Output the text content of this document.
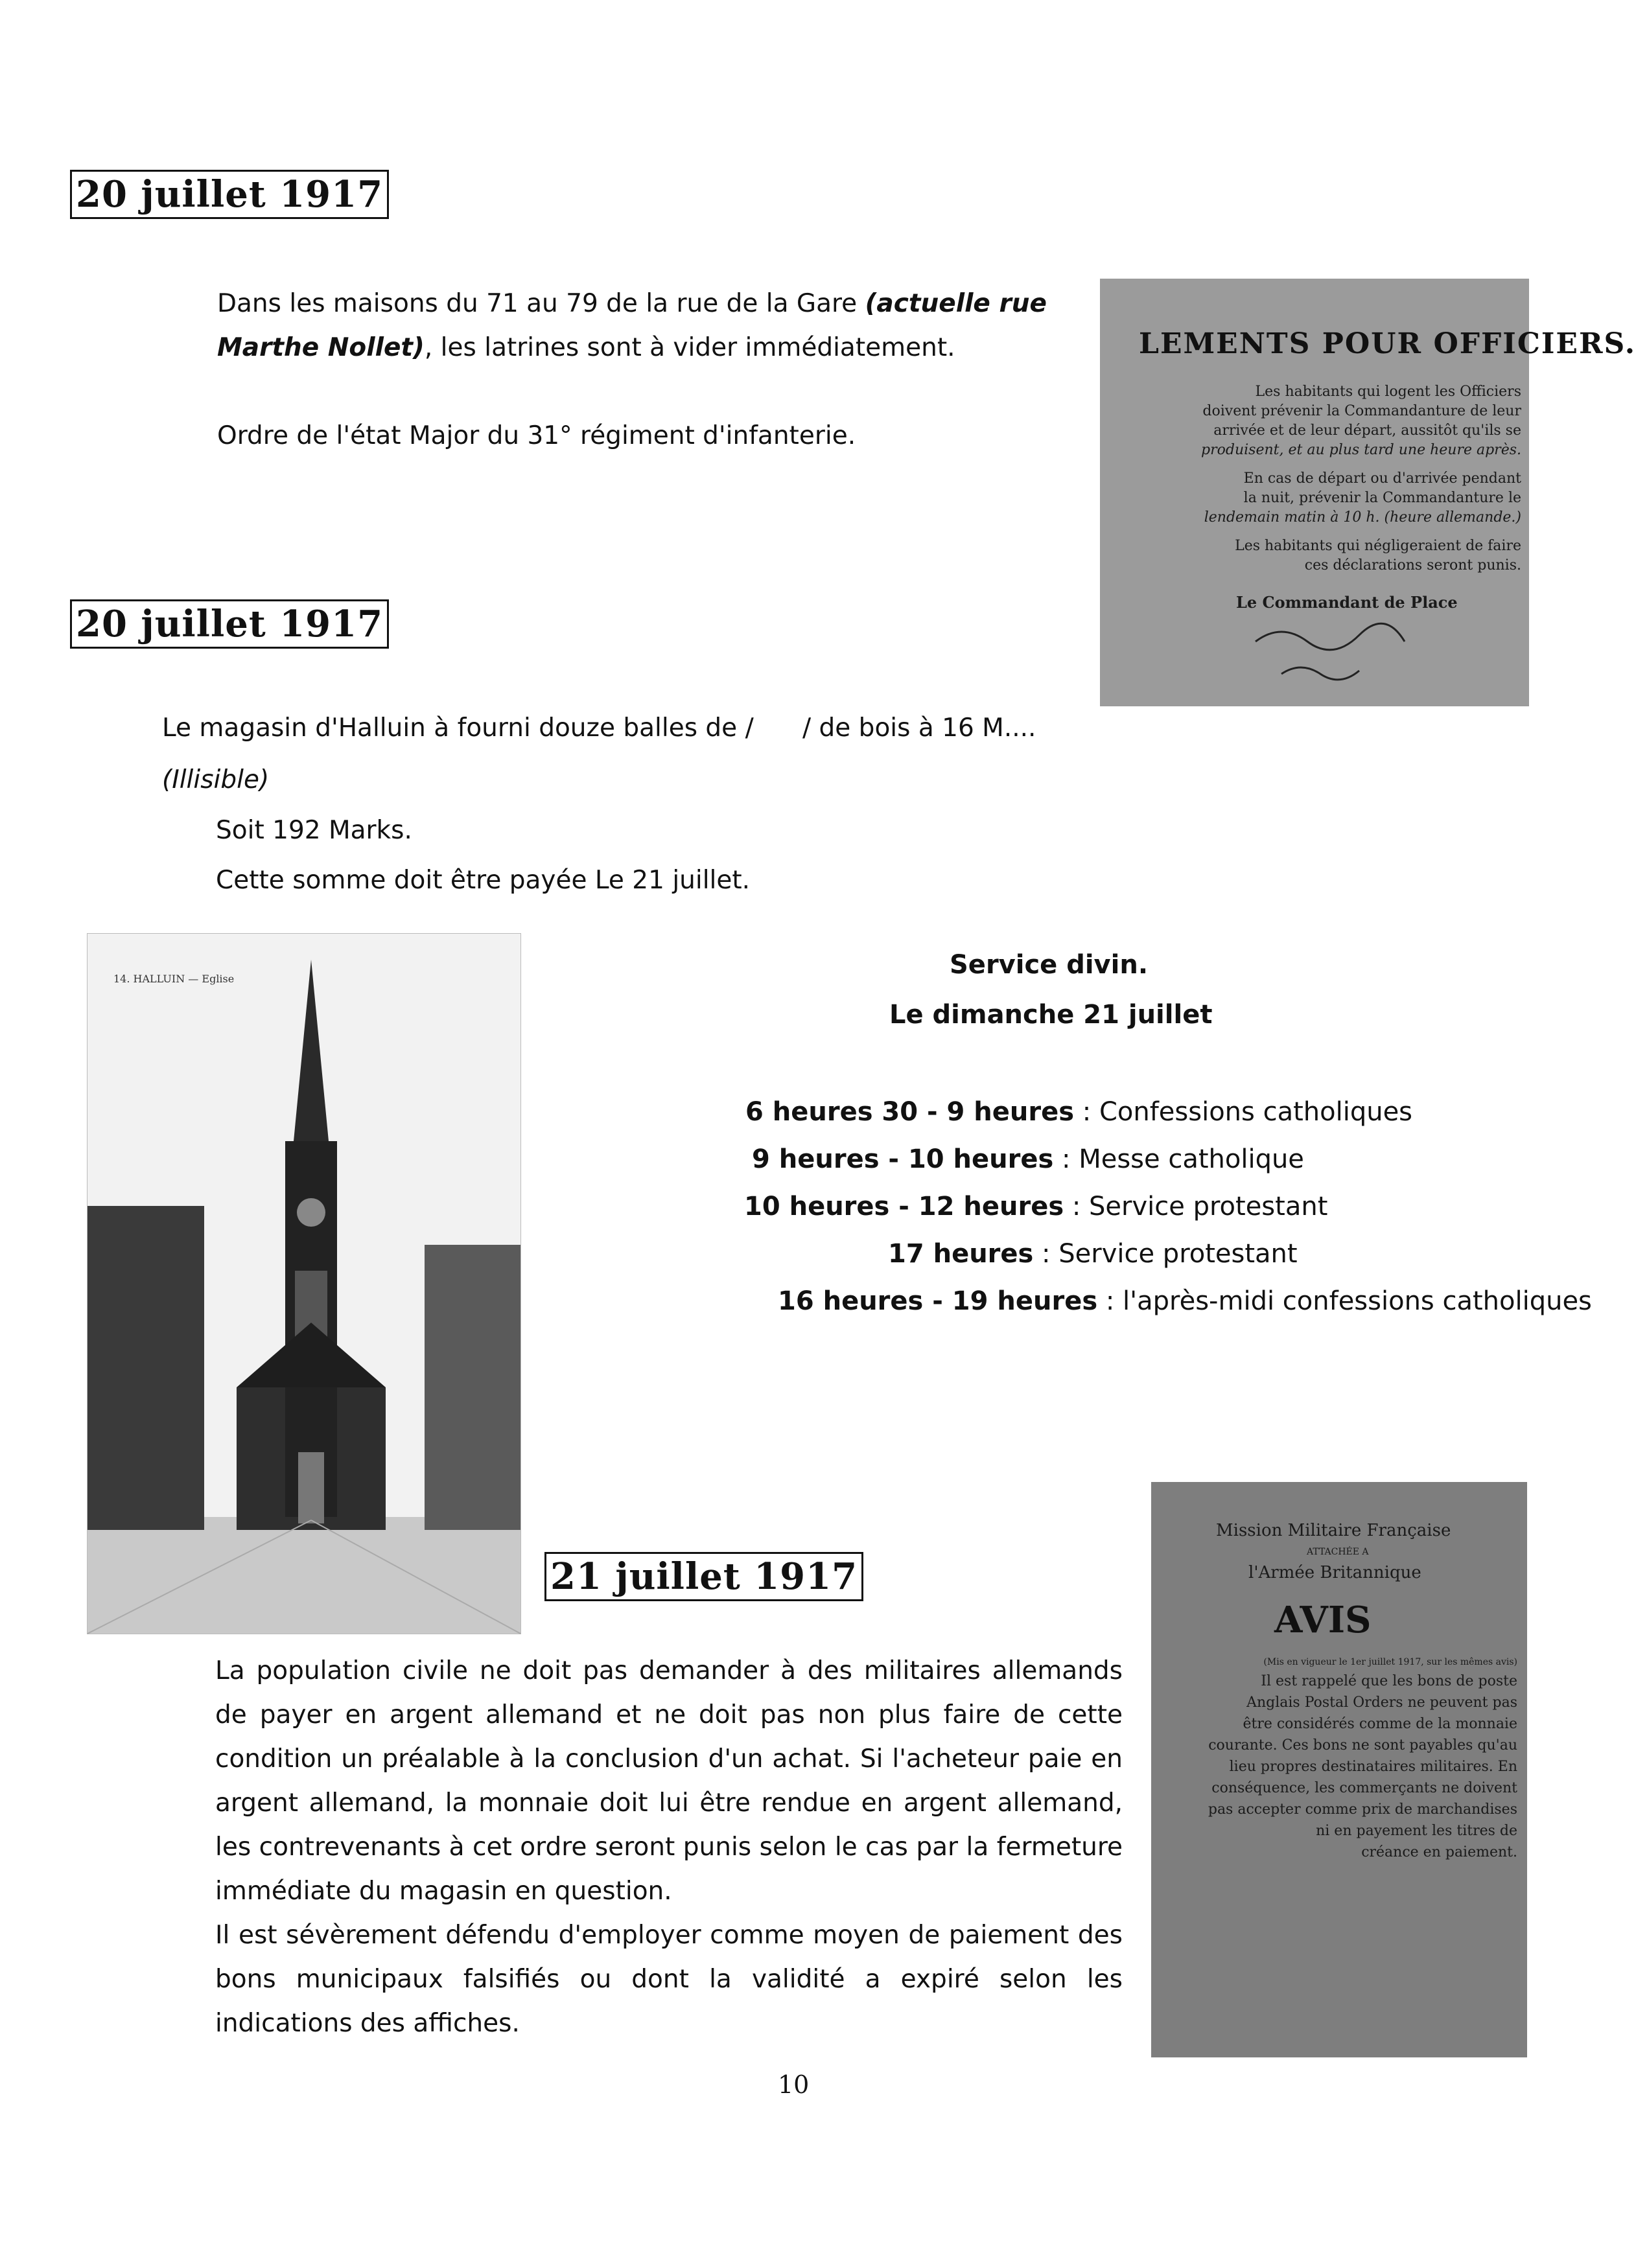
20 juillet 1917
Dans les maisons du 71 au 79 de la rue de la Gare (actuelle rue
Marthe Nollet), les latrines sont à vider immédiatement.
Ordre de l'état Major du 31° régiment d'infanterie.
LEMENTS POUR OFFICIERS.
Les habitants qui logent les Officiers
doivent prévenir la Commandanture de leur
arrivée et de leur départ, aussitôt qu'ils se
produisent, et au plus tard une heure après.
En cas de départ ou d'arrivée pendant
la nuit, prévenir la Commandanture le
lendemain matin à 10 h. (heure allemande.)
Les habitants qui négligeraient de faire
ces déclarations seront punis.
Le Commandant de Place
20 juillet 1917
Le magasin d'Halluin à fourni douze balles de / / de bois à 16 M....
(Illisible)
Soit 192 Marks.
Cette somme doit être payée Le 21 juillet.
14. HALLUIN — Eglise	Service divin.
Le dimanche 21 juillet
6 heures 30 - 9 heures : Confessions catholiques
9 heures - 10 heures : Messe catholique
10 heures - 12 heures : Service protestant
17 heures : Service protestant
16 heures - 19 heures : l'après-midi confessions catholiques
21 juillet 1917
La population civile ne doit pas demander à des militaires allemands de payer en argent allemand et ne doit pas non plus faire de cette condition un préalable à la conclusion d'un achat. Si l'acheteur paie en argent allemand, la monnaie doit lui être rendue en argent allemand, les contrevenants à cet ordre seront punis selon le cas par la fermeture immédiate du magasin en question.
Il est sévèrement défendu d'employer comme moyen de paiement des bons municipaux falsifiés ou dont la validité a expiré selon les indications des affiches.
Mission Militaire Française
ATTACHÉE A
l'Armée Britannique
AVIS
(Mis en vigueur le 1er juillet 1917, sur les mêmes avis)
Il est rappelé que les bons de poste
Anglais Postal Orders ne peuvent pas
être considérés comme de la monnaie
courante. Ces bons ne sont payables qu'au
lieu propres destinataires militaires. En
conséquence, les commerçants ne doivent
pas accepter comme prix de marchandises
ni en payement les titres de
créance en paiement.
10
